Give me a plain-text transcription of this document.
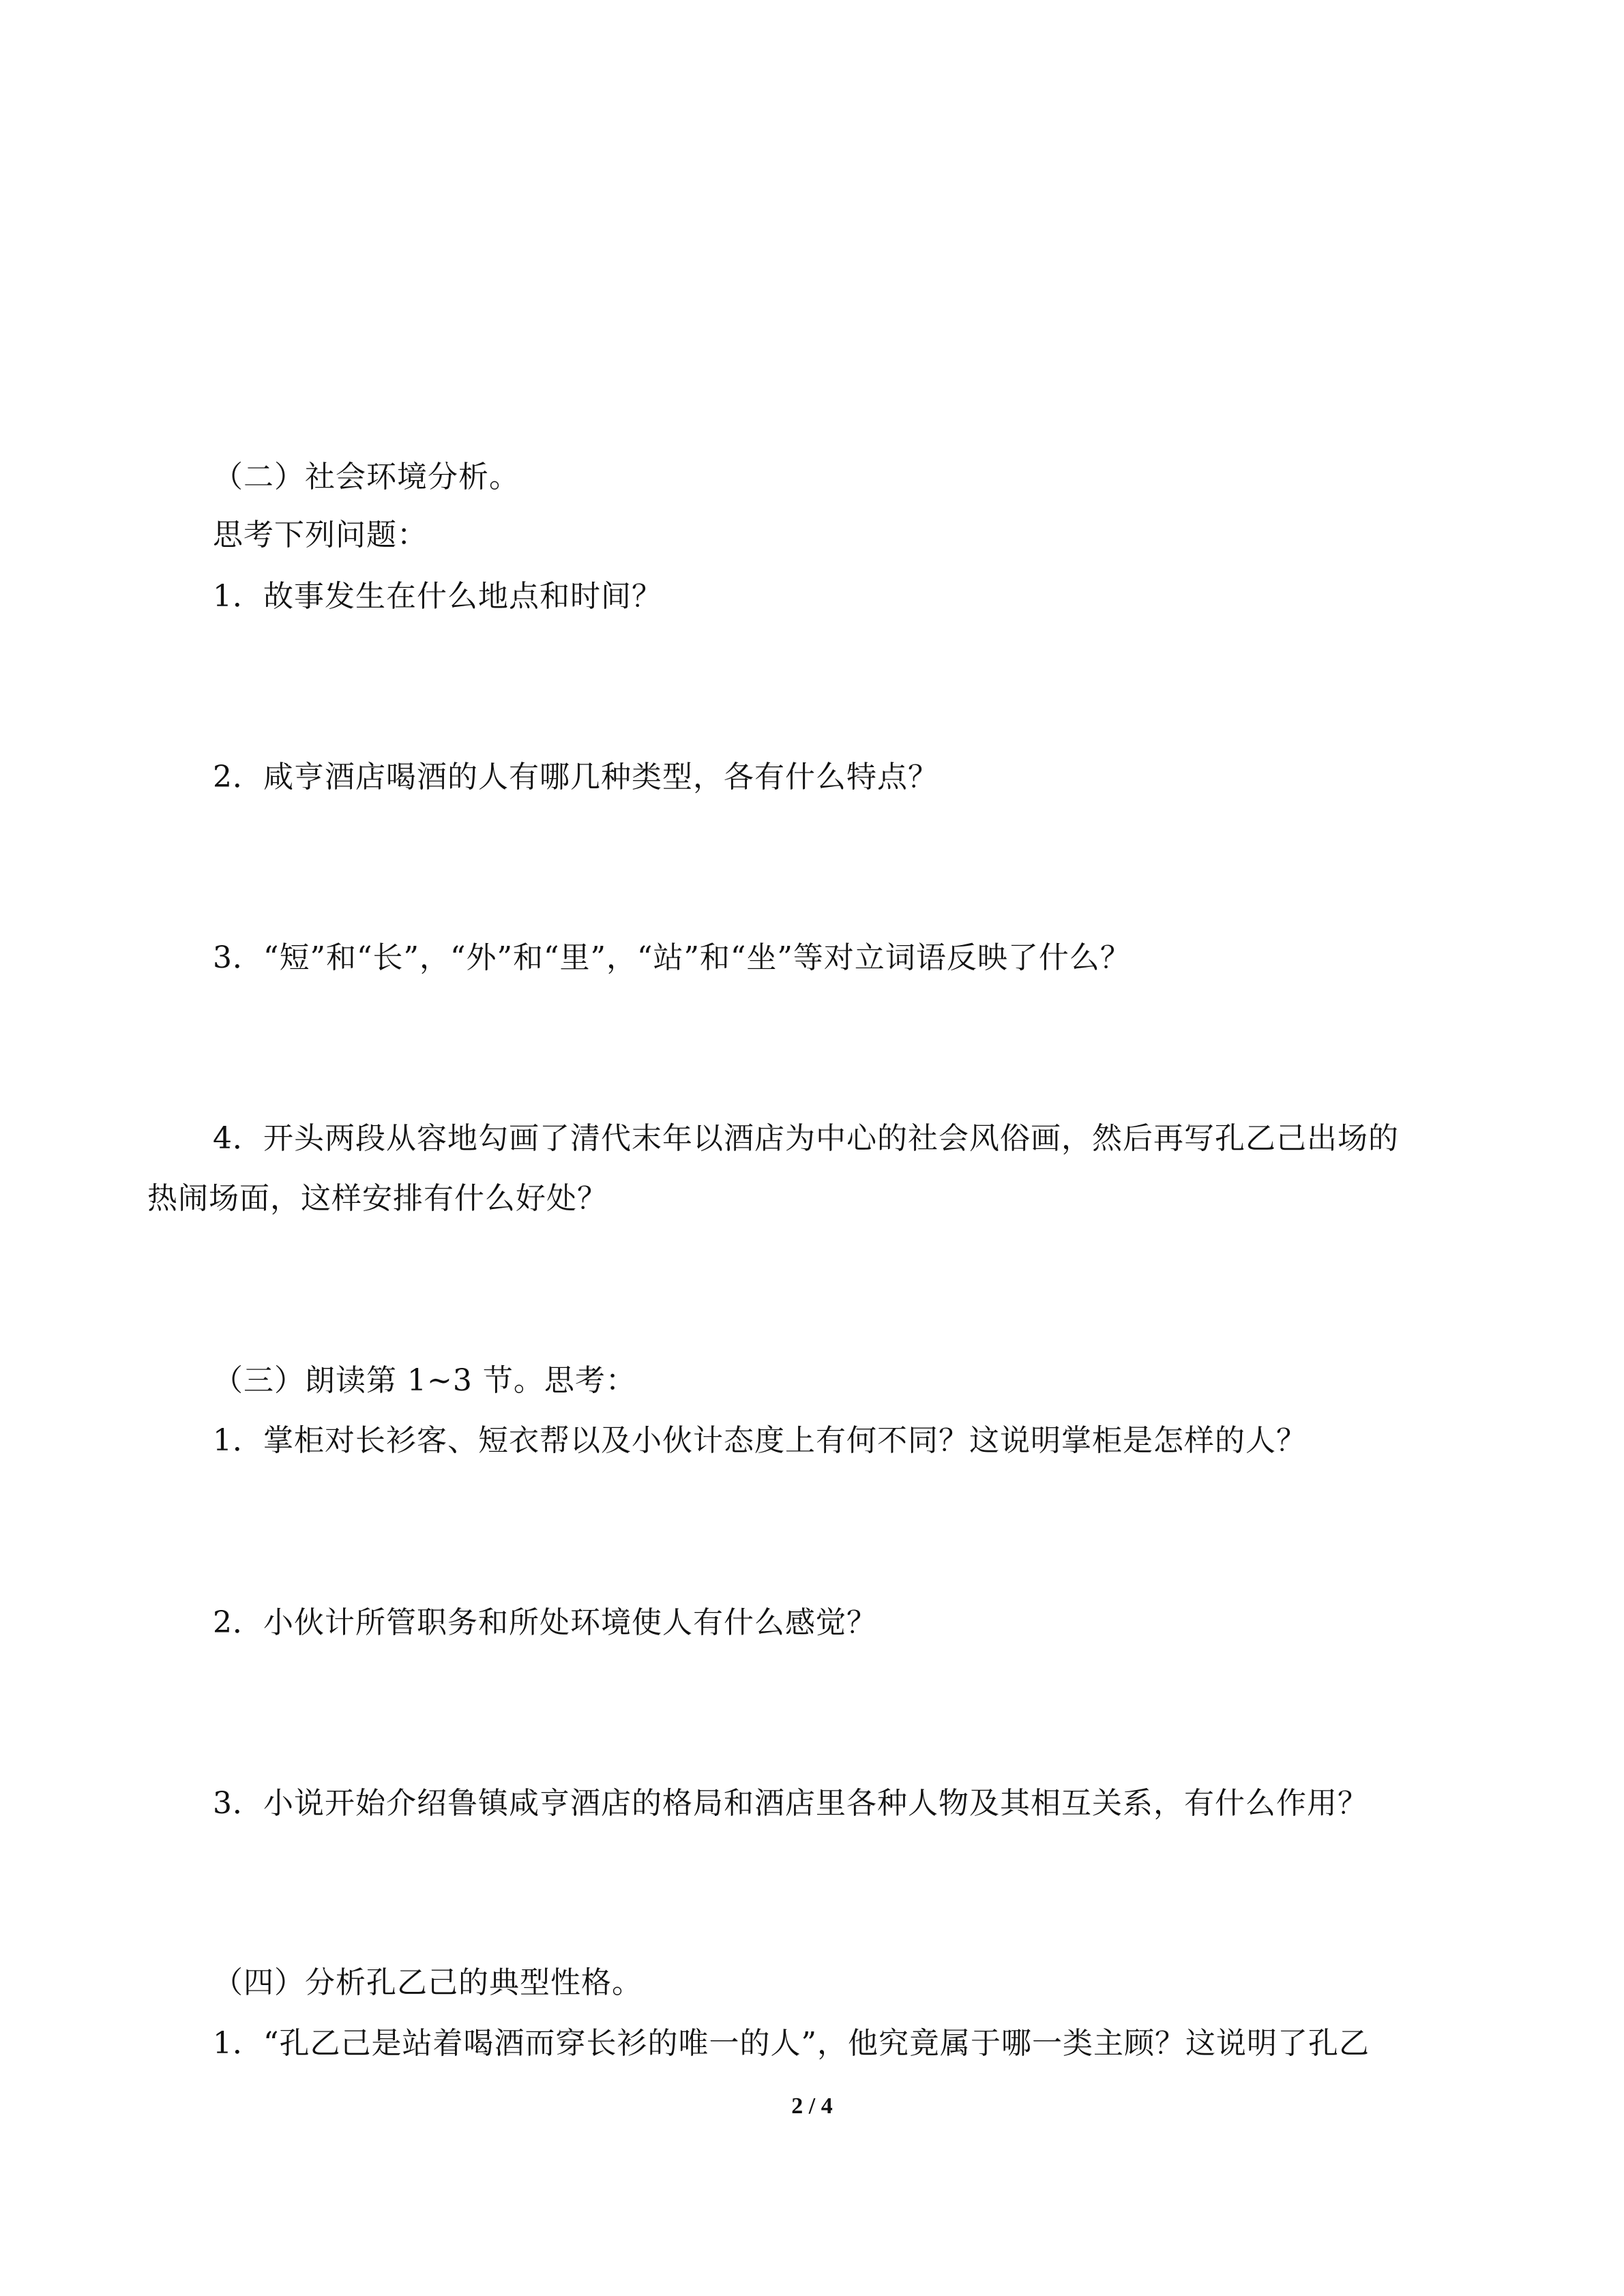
（二）社会环境分析。
思考下列问题：
1．故事发生在什么地点和时间？
2．咸亨酒店喝酒的人有哪几种类型，各有什么特点？
3．“短”和“长”，“外”和“里”，“站”和“坐”等对立词语反映了什么？
4．开头两段从容地勾画了清代末年以酒店为中心的社会风俗画，然后再写孔乙己出场的
热闹场面，这样安排有什么好处？
（三）朗读第 1~3 节。思考：
1．掌柜对长衫客、短衣帮以及小伙计态度上有何不同？这说明掌柜是怎样的人？
2．小伙计所管职务和所处环境使人有什么感觉？
3．小说开始介绍鲁镇咸亨酒店的格局和酒店里各种人物及其相互关系，有什么作用？
（四）分析孔乙己的典型性格。
1．“孔乙己是站着喝酒而穿长衫的唯一的人”，他究竟属于哪一类主顾？这说明了孔乙
2 / 4
